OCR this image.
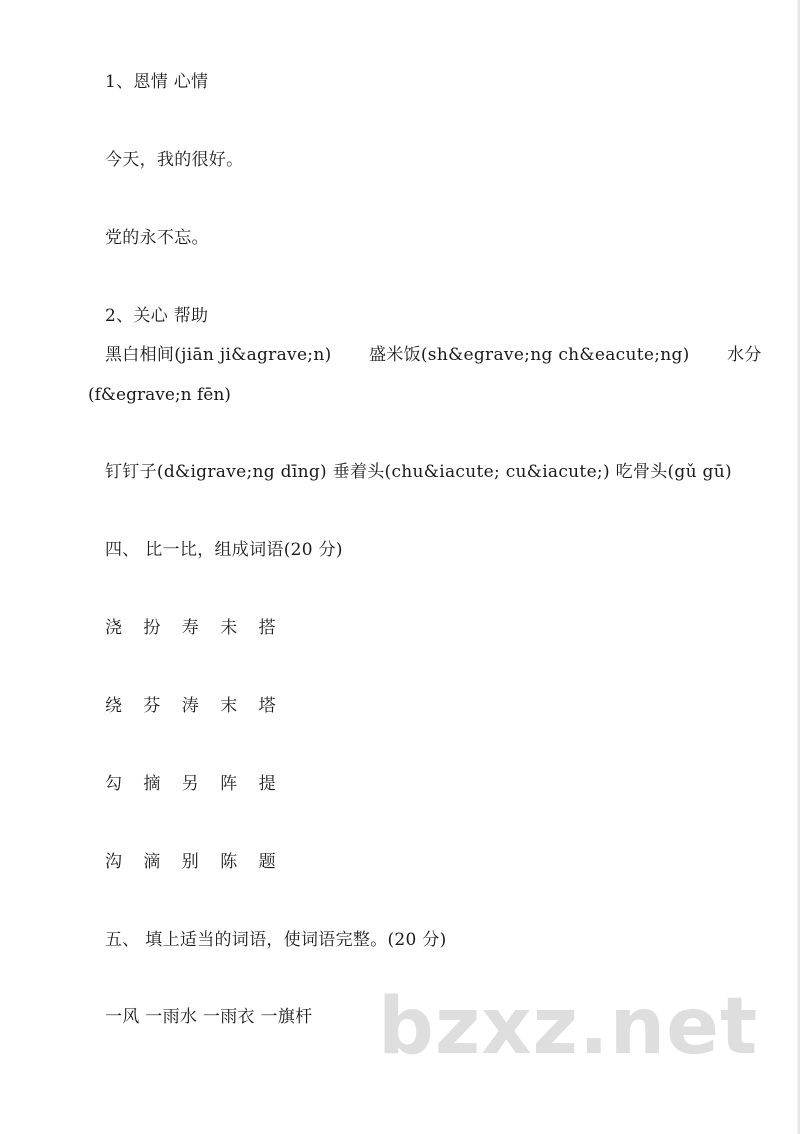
1、恩情 心情
今天，我的很好。
党的永不忘。
2、关心 帮助
黑白相间(jiān ji&agrave;n) 盛米饭(sh&egrave;ng ch&eacute;ng) 水分
(f&egrave;n fēn)
钉钉子(d&igrave;ng dīng) 垂着头(chu&iacute; cu&iacute;) 吃骨头(gǔ gū)
四、 比一比，组成词语(20 分)
浇 扮 寿 未 搭
绕 芬 涛 末 塔
勾 摘 另 阵 提
沟 滴 别 陈 题
五、 填上适当的词语，使词语完整。(20 分)
一风 一雨水 一雨衣 一旗杆 bzxz.net
